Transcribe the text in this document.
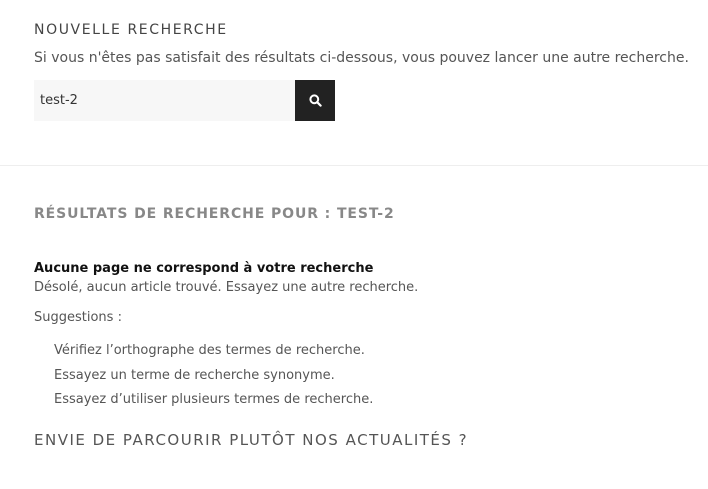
NOUVELLE RECHERCHE

Si vous n'êtes pas satisfait des résultats ci-dessous, vous pouvez lancer une autre recherche.

test-2
RÉSULTATS DE RECHERCHE POUR : TEST-2
Aucune page ne correspond à votre recherche
Désolé, aucun article trouvé. Essayez une autre recherche.
Suggestions :
Vérifiez l’orthographe des termes de recherche.
Essayez un terme de recherche synonyme.
Essayez d’utiliser plusieurs termes de recherche.
ENVIE DE PARCOURIR PLUTÔT NOS ACTUALITÉS ?
